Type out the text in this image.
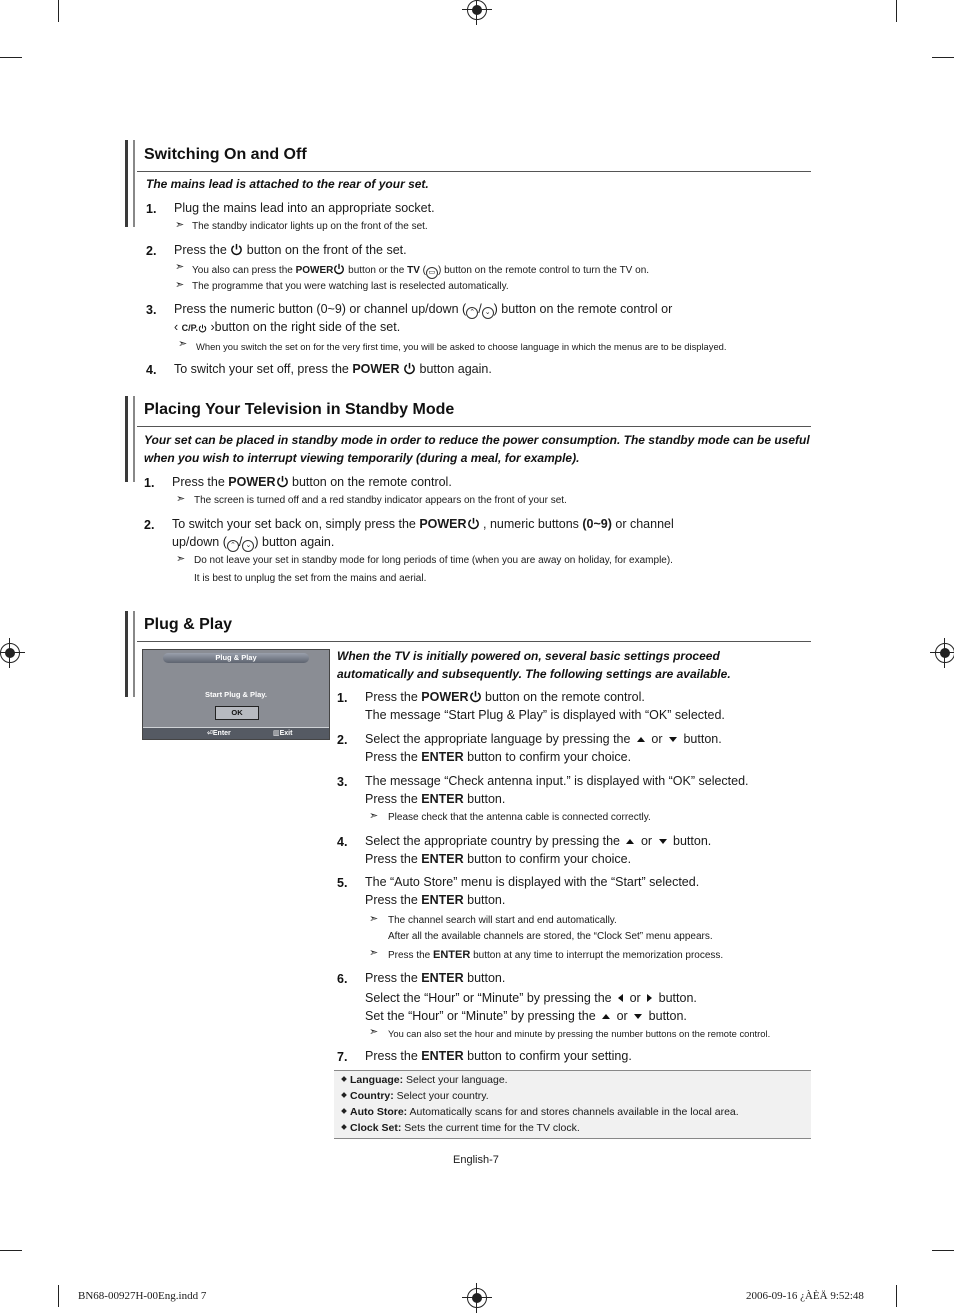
Switching On and Off
The mains lead is attached to the rear of your set.
1. Plug the mains lead into an appropriate socket.
➣ The standby indicator lights up on the front of the set.
2. Press the  button on the front of the set.
➣ You also can press the POWER button or the TV ( ▭ ) button on the remote control to turn the TV on.
➣ The programme that you were watching last is reselected automatically.
3. Press the numeric button (0~9) or channel up/down ( ⌃ / ⌄ ) button on the remote control or
‹ C/P. ›button on the right side of the set.
➣ When you switch the set on for the very first time, you will be asked to choose language in which the menus are to be displayed.
4. To switch your set off, press the POWER  button again.
Placing Your Television in Standby Mode
Your set can be placed in standby mode in order to reduce the power consumption. The standby mode can be useful
when you wish to interrupt viewing temporarily (during a meal, for example).
1. Press the POWER button on the remote control.
➣ The screen is turned off and a red standby indicator appears on the front of your set.
2. To switch your set back on, simply press the POWER , numeric buttons (0~9) or channel
up/down ( ⌃ / ⌄ ) button again.
➣ Do not leave your set in standby mode for long periods of time (when you are away on holiday, for example).
It is best to unplug the set from the mains and aerial.
Plug & Play
Plug & Play
Start Plug & Play.
OK
⏎Enter	▥Exit
When the TV is initially powered on, several basic settings proceed
automatically and subsequently. The following settings are available.
1. Press the POWER button on the remote control.
The message “Start Plug & Play” is displayed with “OK” selected.
2. Select the appropriate language by pressing the  or  button.
Press the ENTER button to confirm your choice.
3. The message “Check antenna input.” is displayed with “OK” selected.
Press the ENTER button.
➣ Please check that the antenna cable is connected correctly.
4. Select the appropriate country by pressing the  or  button.
Press the ENTER button to confirm your choice.
5. The “Auto Store” menu is displayed with the “Start” selected.
Press the ENTER button.
➣ The channel search will start and end automatically.
After all the available channels are stored, the “Clock Set” menu appears.
➣ Press the ENTER button at any time to interrupt the memorization process.
6. Press the ENTER button.
Select the “Hour” or “Minute” by pressing the  or  button.
Set the “Hour” or “Minute” by pressing the  or  button.
➣ You can also set the hour and minute by pressing the number buttons on the remote control.
7. Press the ENTER button to confirm your setting.
Language: Select your language.
Country: Select your country.
Auto Store: Automatically scans for and stores channels available in the local area.
Clock Set: Sets the current time for the TV clock.
English-7
BN68-00927H-00Eng.indd 7	2006-09-16 ¿ÀÈÄ 9:52:48
